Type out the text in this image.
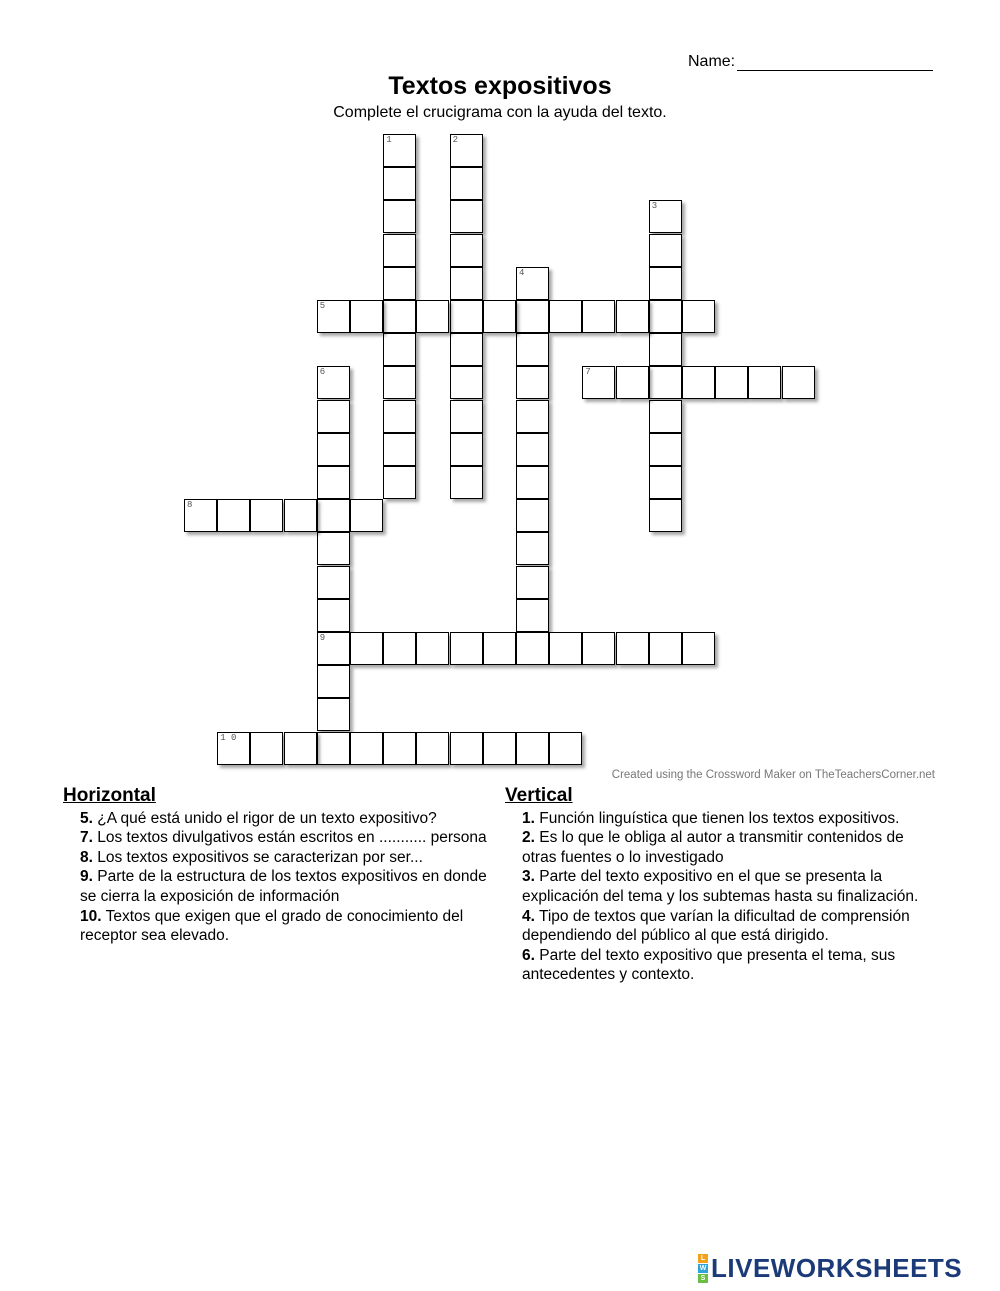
Name:
Textos expositivos
Complete el crucigrama con la ayuda del texto.
1	2
3
4
5
6
9
7
8
1 0
Created using the Crossword Maker on TheTeachersCorner.net
Horizontal
5. ¿A qué está unido el rigor de un texto expositivo?
7. Los textos divulgativos están escritos en ........... persona
8. Los textos expositivos se caracterizan por ser...
9. Parte de la estructura de los textos expositivos en donde se cierra la exposición de información
10. Textos que exigen que el grado de conocimiento del receptor sea elevado.
Vertical
1. Función linguística que tienen los textos expositivos.
2. Es lo que le obliga al autor a transmitir contenidos de otras fuentes o lo investigado
3. Parte del texto expositivo en el que se presenta la explicación del tema y los subtemas hasta su finalización.
4. Tipo de textos que varían la dificultad de comprensión dependiendo del público al que está dirigido.
6. Parte del texto expositivo que presenta el tema, sus antecedentes y contexto.
L
W
S LIVEWORKSHEETS
